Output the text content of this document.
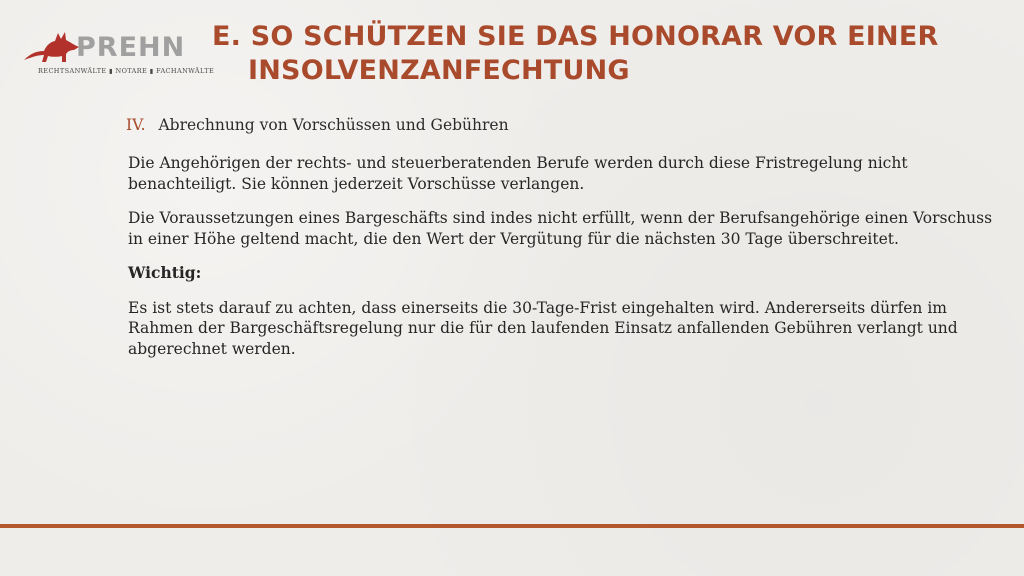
PREHN
RECHTSANWÄLTE ▮ NOTARE ▮ FACHANWÄLTE
E. SO SCHÜTZEN SIE DAS HONORAR VOR EINER
INSOLVENZANFECHTUNG
IV. Abrechnung von Vorschüssen und Gebühren

Die Angehörigen der rechts- und steuerberatenden Berufe werden durch diese Fristregelung nicht benachteiligt. Sie können jederzeit Vorschüsse verlangen.

Die Voraussetzungen eines Bargeschäfts sind indes nicht erfüllt, wenn der Berufsangehörige einen Vorschuss in einer Höhe geltend macht, die den Wert der Vergütung für die nächsten 30 Tage überschreitet.

Wichtig:

Es ist stets darauf zu achten, dass einerseits die 30-Tage-Frist eingehalten wird. Andererseits dürfen im Rahmen der Bargeschäftsregelung nur die für den laufenden Einsatz anfallenden Gebühren verlangt und abgerechnet werden.
